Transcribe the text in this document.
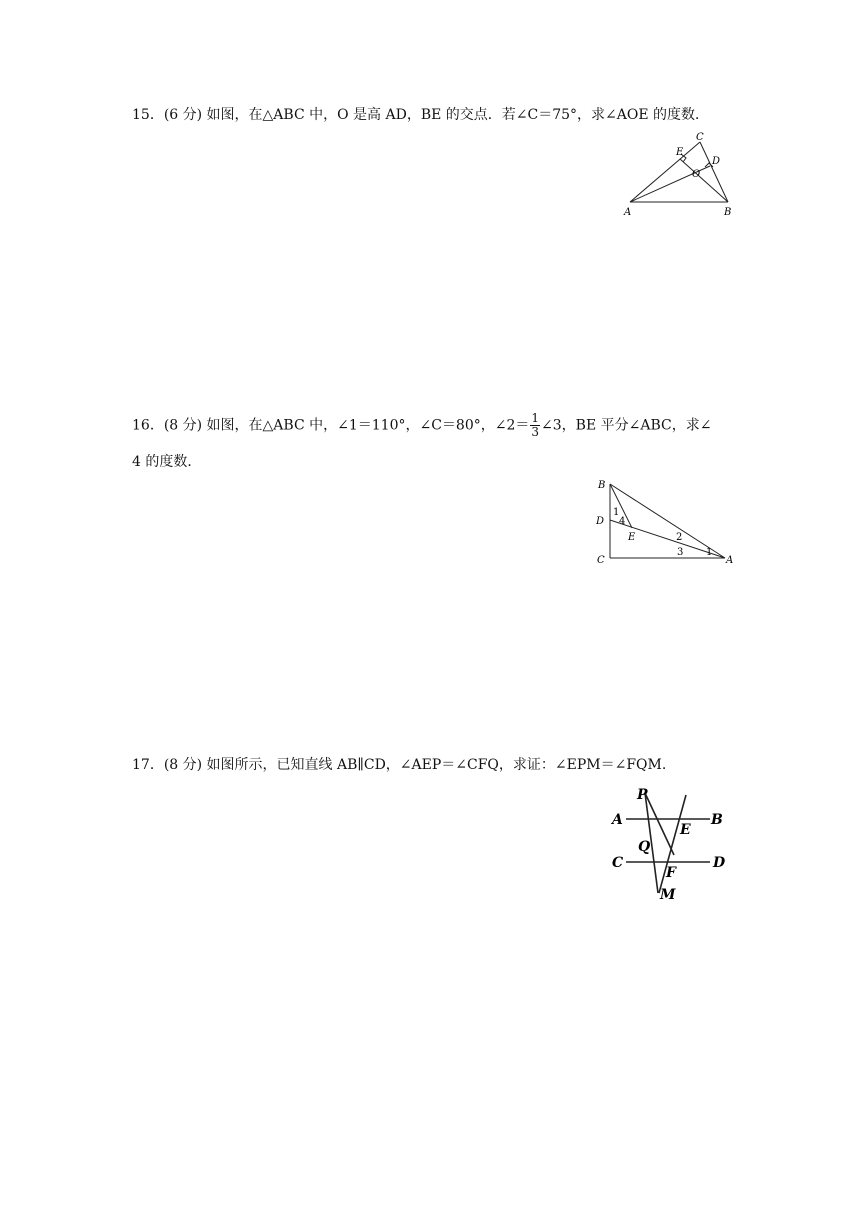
15．(6 分) 如图，在△ABC 中，O 是高 AD，BE 的交点．若∠C＝75°，求∠AOE 的度数．
A	B
C
D
E
O
16．(8 分) 如图，在△ABC 中，∠1＝110°，∠C＝80°，∠2＝ $\frac{1}{3}$ ∠3，BE 平分∠ABC，求∠
4 的度数．
B
D
C	A
E
1
4
2
3 1
17．(8 分) 如图所示，已知直线 AB∥CD，∠AEP＝∠CFQ，求证：∠EPM＝∠FQM.
P
A
E
B
Q
C
F
D
M
